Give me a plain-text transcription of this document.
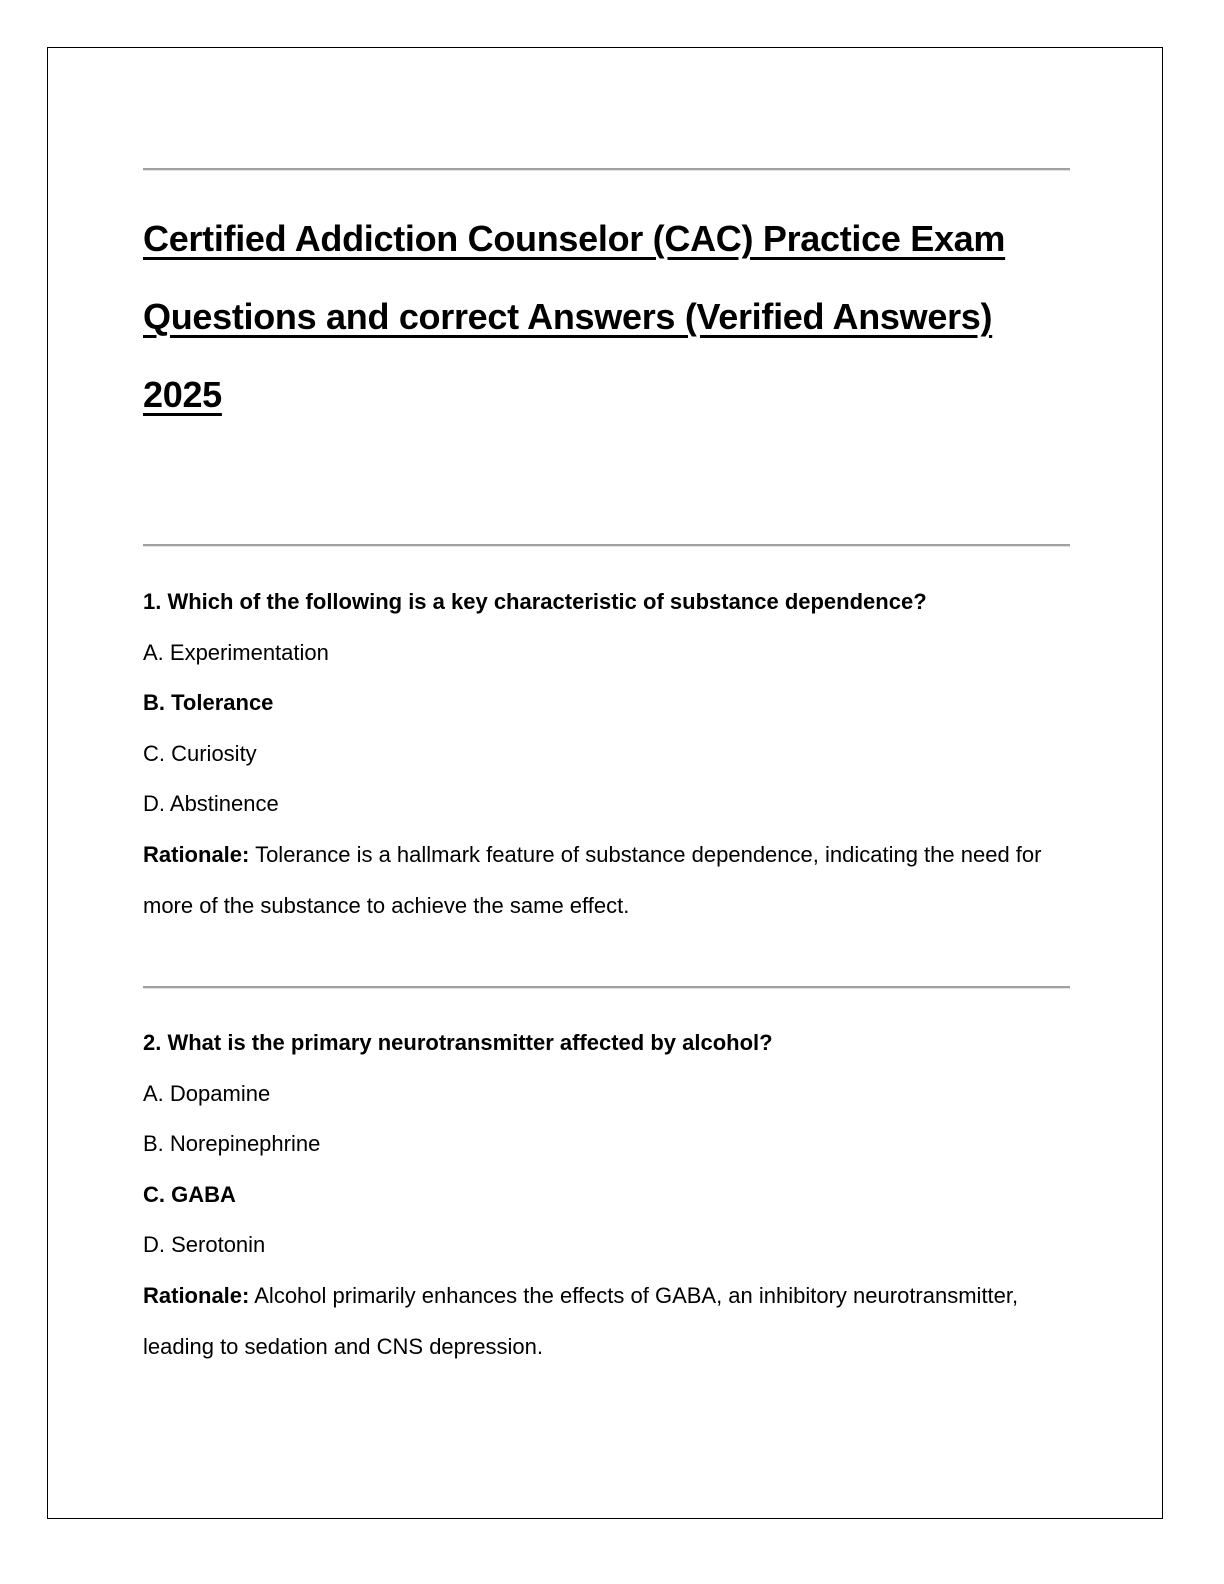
Certified Addiction Counselor (CAC) Practice Exam
Questions and correct Answers (Verified Answers)
2025
1. Which of the following is a key characteristic of substance dependence?
A. Experimentation
B. Tolerance
C. Curiosity
D. Abstinence
Rationale: Tolerance is a hallmark feature of substance dependence, indicating the need for more of the substance to achieve the same effect.
2. What is the primary neurotransmitter affected by alcohol?
A. Dopamine
B. Norepinephrine
C. GABA
D. Serotonin
Rationale: Alcohol primarily enhances the effects of GABA, an inhibitory neurotransmitter, leading to sedation and CNS depression.
